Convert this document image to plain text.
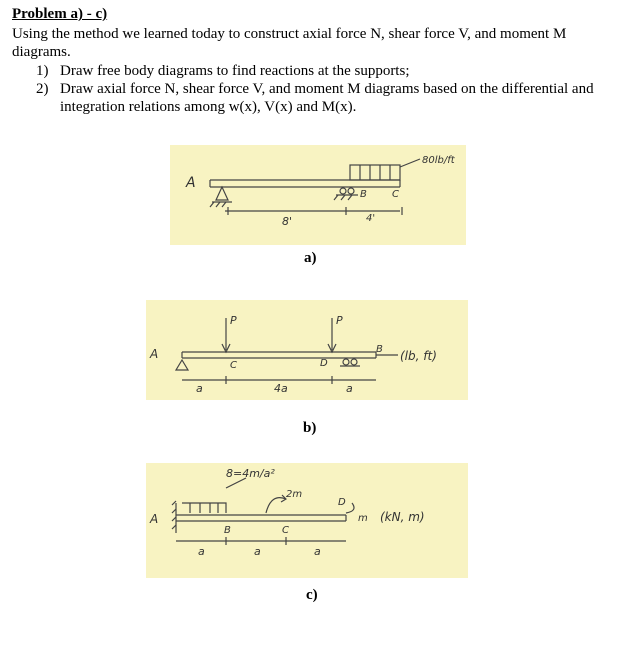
Problem a) - c)
Using the method we learned today to construct axial force N, shear force V, and moment M diagrams.
1) Draw free body diagrams to find reactions at the supports;
2) Draw axial force N, shear force V, and moment M diagrams based on the differential and integration relations among w(x), V(x) and M(x).
A
B	C
80lb/ft
8'	4'
a)
A
P	P
C	D
B (lb, ft)
a	4a	a
b)
A
8=4m/a²
B
2m
C
D
m (kN, m)
a	a	a
c)
